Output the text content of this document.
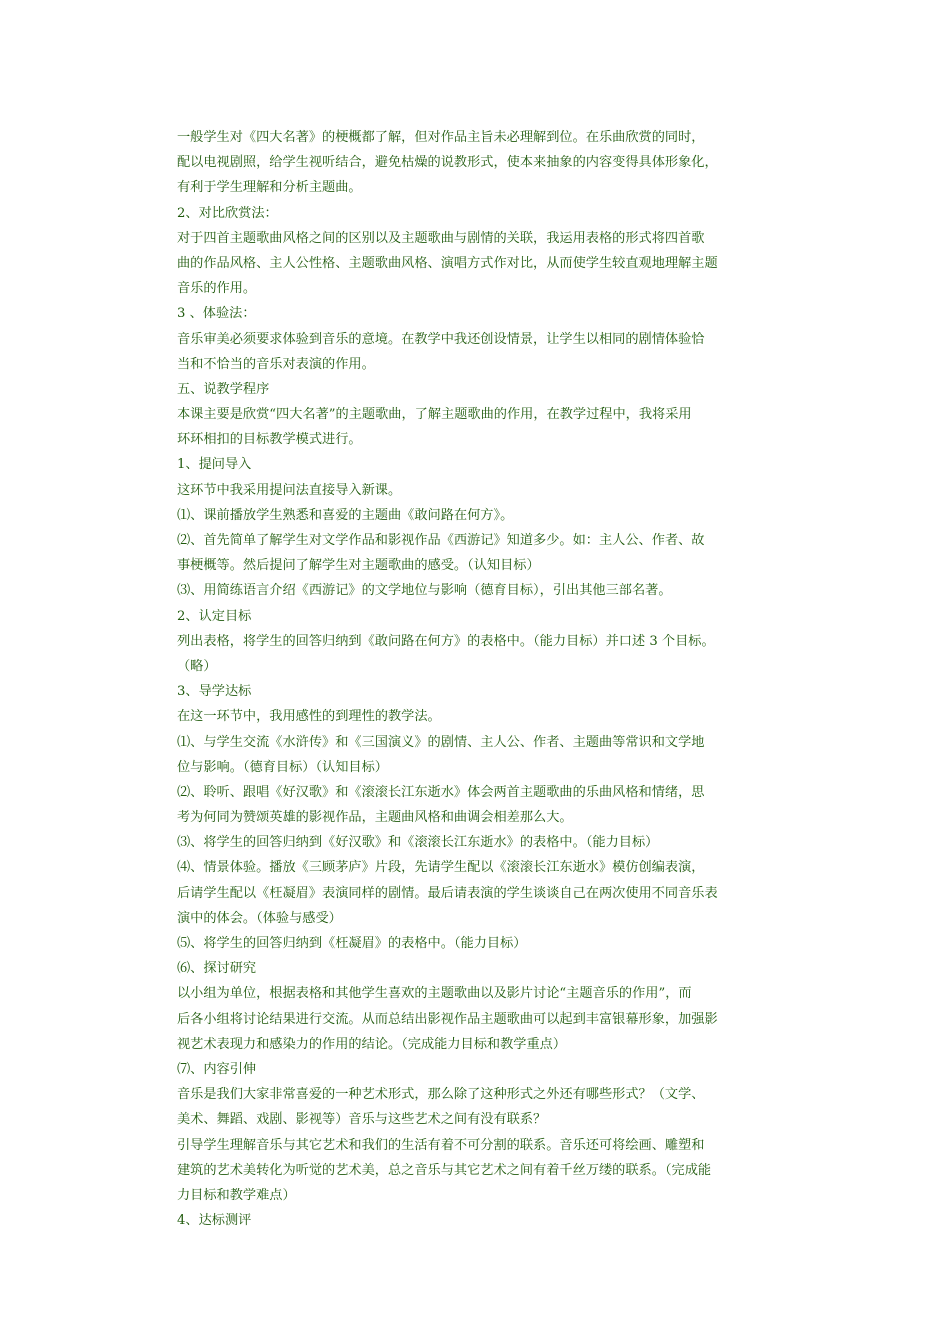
一般学生对《四大名著》的梗概都了解，但对作品主旨未必理解到位。在乐曲欣赏的同时，
配以电视剧照，给学生视听结合，避免枯燥的说教形式，使本来抽象的内容变得具体形象化，
有利于学生理解和分析主题曲。
2、对比欣赏法：
对于四首主题歌曲风格之间的区别以及主题歌曲与剧情的关联，我运用表格的形式将四首歌
曲的作品风格、主人公性格、主题歌曲风格、演唱方式作对比，从而使学生较直观地理解主题
音乐的作用。
3 、体验法：
音乐审美必须要求体验到音乐的意境。在教学中我还创设情景，让学生以相同的剧情体验恰
当和不恰当的音乐对表演的作用。
五、说教学程序
本课主要是欣赏“四大名著”的主题歌曲，了解主题歌曲的作用，在教学过程中，我将采用
环环相扣的目标教学模式进行。
1、提问导入
这环节中我采用提问法直接导入新课。
⑴、课前播放学生熟悉和喜爱的主题曲《敢问路在何方》。
⑵、首先简单了解学生对文学作品和影视作品《西游记》知道多少。如：主人公、作者、故
事梗概等。然后提问了解学生对主题歌曲的感受。（认知目标）
⑶、用简练语言介绍《西游记》的文学地位与影响（德育目标），引出其他三部名著。
2、认定目标
列出表格，将学生的回答归纳到《敢问路在何方》的表格中。（能力目标）并口述 3 个目标。
（略）
3、导学达标
在这一环节中，我用感性的到理性的教学法。
⑴、与学生交流《水浒传》和《三国演义》的剧情、主人公、作者、主题曲等常识和文学地
位与影响。（德育目标）（认知目标）
⑵、聆听、跟唱《好汉歌》和《滚滚长江东逝水》体会两首主题歌曲的乐曲风格和情绪，思
考为何同为赞颂英雄的影视作品，主题曲风格和曲调会相差那么大。
⑶、将学生的回答归纳到《好汉歌》和《滚滚长江东逝水》的表格中。（能力目标）
⑷、情景体验。播放《三顾茅庐》片段，先请学生配以《滚滚长江东逝水》模仿创编表演，
后请学生配以《枉凝眉》表演同样的剧情。最后请表演的学生谈谈自己在两次使用不同音乐表
演中的体会。（体验与感受）
⑸、将学生的回答归纳到《枉凝眉》的表格中。（能力目标）
⑹、探讨研究
以小组为单位，根据表格和其他学生喜欢的主题歌曲以及影片讨论“主题音乐的作用”，而
后各小组将讨论结果进行交流。从而总结出影视作品主题歌曲可以起到丰富银幕形象，加强影
视艺术表现力和感染力的作用的结论。（完成能力目标和教学重点）
⑺、内容引伸
音乐是我们大家非常喜爱的一种艺术形式，那么除了这种形式之外还有哪些形式？（文学、
美术、舞蹈、戏剧、影视等）音乐与这些艺术之间有没有联系？
引导学生理解音乐与其它艺术和我们的生活有着不可分割的联系。音乐还可将绘画、雕塑和
建筑的艺术美转化为听觉的艺术美，总之音乐与其它艺术之间有着千丝万缕的联系。（完成能
力目标和教学难点）
4、达标测评
